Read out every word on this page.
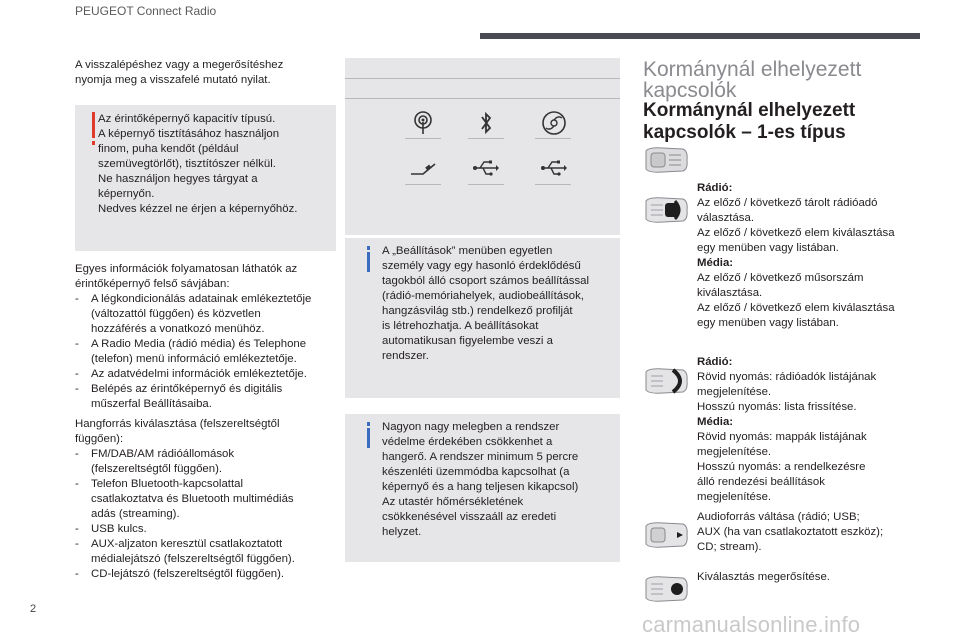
PEUGEOT Connect Radio

A visszalépéshez vagy a megerősítéshez

nyomja meg a visszafelé mutató nyilat.

Az érintőképernyő kapacitív típusú.

A képernyő tisztításához használjon

finom, puha kendőt (például

szemüvegtörlőt), tisztítószer nélkül.

Ne használjon hegyes tárgyat a

képernyőn.

Nedves kézzel ne érjen a képernyőhöz.

Egyes információk folyamatosan láthatók az

érintőképernyő felső sávjában:

- A légkondicionálás adatainak emlékeztetője
(változattól függően) és közvetlen
hozzáférés a vonatkozó menühöz.
- A Radio Media (rádió média) és Telephone
(telefon) menü információ emlékeztetője.
- Az adatvédelmi információk emlékeztetője.
- Belépés az érintőképernyő és digitális
műszerfal Beállításaiba.

Hangforrás kiválasztása (felszereltségtől

függően):

- FM/DAB/AM rádióállomások
(felszereltségtől függően).
- Telefon Bluetooth-kapcsolattal
csatlakoztatva és Bluetooth multimédiás
adás (streaming).
- USB kulcs.
- AUX-aljzaton keresztül csatlakoztatott
médialejátszó (felszereltségtől függően).
- CD-lejátszó (felszereltségtől függően).

A „Beállítások” menüben egyetlen

személy vagy egy hasonló érdeklődésű

tagokból álló csoport számos beállítással

(rádió-memóriahelyek, audiobeállítások,

hangzásvilág stb.) rendelkező profilját

is létrehozhatja. A beállításokat

automatikusan figyelembe veszi a

rendszer.

Nagyon nagy melegben a rendszer

védelme érdekében csökkenhet a

hangerő. A rendszer minimum 5 percre

készenléti üzemmódba kapcsolhat (a

képernyő és a hang teljesen kikapcsol)

Az utastér hőmérsékletének

csökkenésével visszaáll az eredeti

helyzet.

Kormánynál elhelyezett
kapcsolók
Kormánynál elhelyezett
kapcsolók – 1-es típus
Rádió:
Az előző / következő tárolt rádióadó
választása.
Az előző / következő elem kiválasztása
egy menüben vagy listában.
Média:
Az előző / következő műsorszám
kiválasztása.
Az előző / következő elem kiválasztása
egy menüben vagy listában.
Rádió:
Rövid nyomás: rádióadók listájának
megjelenítése.
Hosszú nyomás: lista frissítése.
Média:
Rövid nyomás: mappák listájának
megjelenítése.
Hosszú nyomás: a rendelkezésre
álló rendezési beállítások
megjelenítése.
Audioforrás váltása (rádió; USB;
AUX (ha van csatlakoztatott eszköz);
CD; stream).
Kiválasztás megerősítése.
2
carmanualsonline.info
